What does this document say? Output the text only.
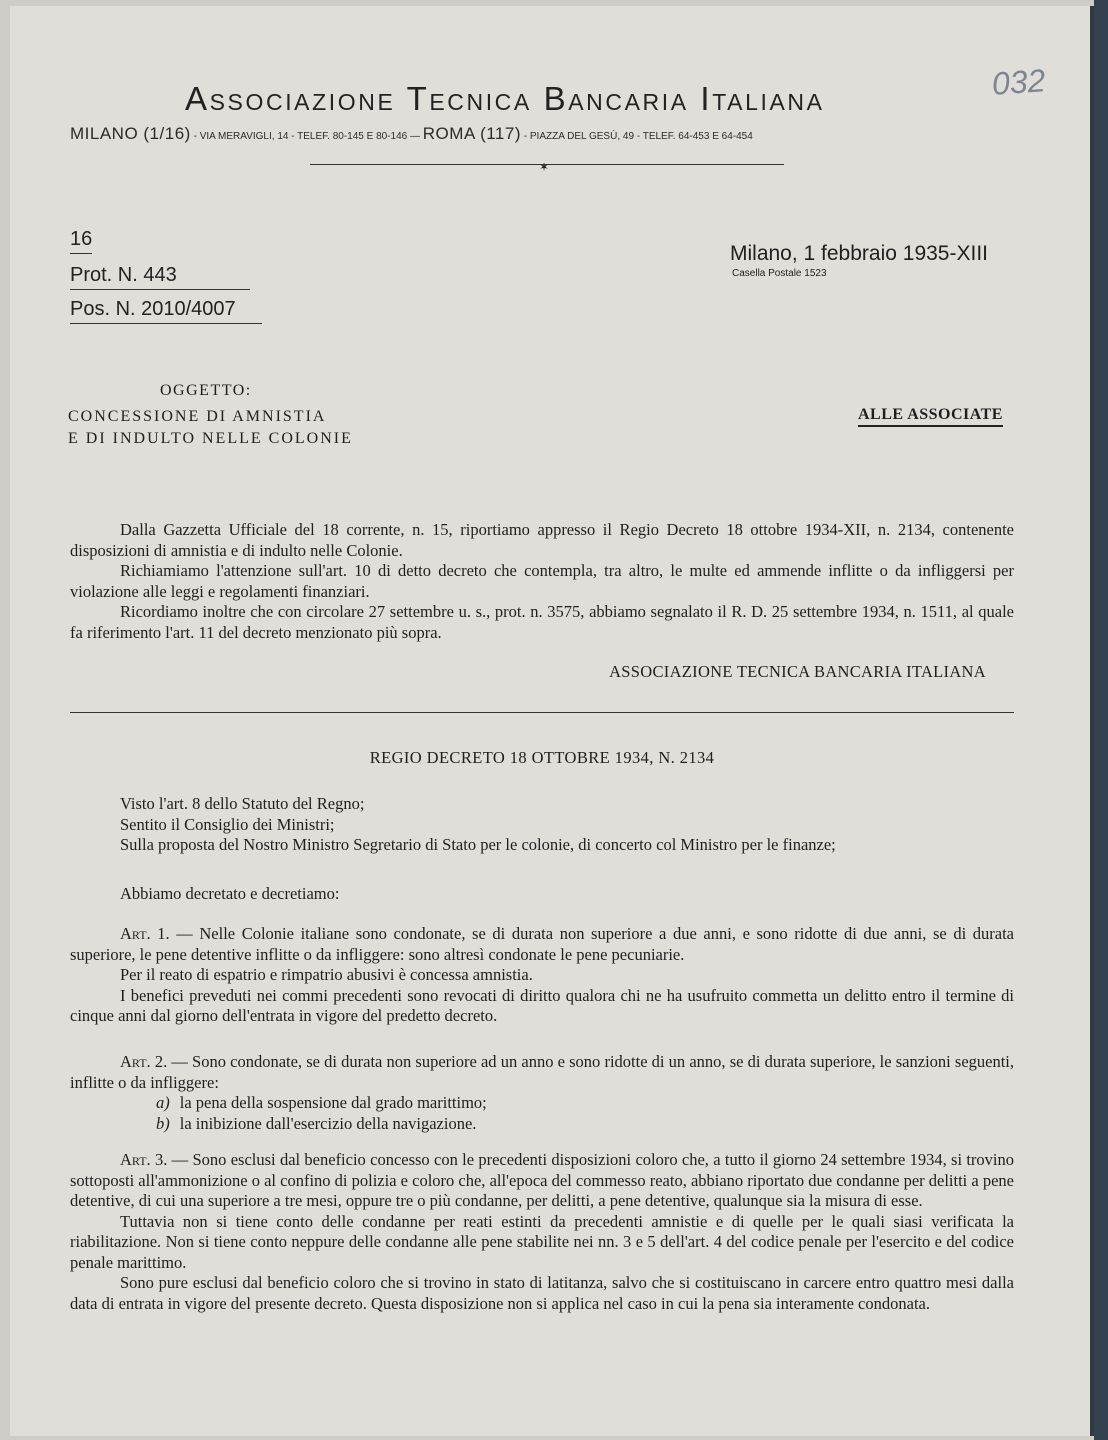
Associazione Tecnica Bancaria Italiana	032
MILANO (1/16) - VIA MERAVIGLI, 14 - TELEF. 80-145 E 80-146 — ROMA (117) - PIAZZA DEL GESÙ, 49 - TELEF. 64-453 E 64-454
✶
16
Prot. N. 443
Pos. N. 2010/4007
Milano, 1 febbraio 1935-XIII
Casella Postale 1523
OGGETTO:
CONCESSIONE DI AMNISTIA
E DI INDULTO NELLE COLONIE
ALLE ASSOCIATE

Dalla Gazzetta Ufficiale del 18 corrente, n. 15, riportiamo appresso il Regio Decreto 18 ottobre 1934-XII, n. 2134, contenente disposizioni di amnistia e di indulto nelle Colonie.

Richiamiamo l'attenzione sull'art. 10 di detto decreto che contempla, tra altro, le multe ed ammende inflitte o da infliggersi per violazione alle leggi e regolamenti finanziari.

Ricordiamo inoltre che con circolare 27 settembre u. s., prot. n. 3575, abbiamo segnalato il R. D. 25 settembre 1934, n. 1511, al quale fa riferimento l'art. 11 del decreto menzionato più sopra.

ASSOCIAZIONE TECNICA BANCARIA ITALIANA
REGIO DECRETO 18 OTTOBRE 1934, N. 2134

Visto l'art. 8 dello Statuto del Regno;

Sentito il Consiglio dei Ministri;

Sulla proposta del Nostro Ministro Segretario di Stato per le colonie, di concerto col Ministro per le finanze;

Abbiamo decretato e decretiamo:

Art. 1. — Nelle Colonie italiane sono condonate, se di durata non superiore a due anni, e sono ridotte di due anni, se di durata superiore, le pene detentive inflitte o da infliggere: sono altresì condonate le pene pecuniarie.

Per il reato di espatrio e rimpatrio abusivi è concessa amnistia.

I benefici preveduti nei commi precedenti sono revocati di diritto qualora chi ne ha usufruito commetta un delitto entro il termine di cinque anni dal giorno dell'entrata in vigore del predetto decreto.

Art. 2. — Sono condonate, se di durata non superiore ad un anno e sono ridotte di un anno, se di durata superiore, le sanzioni seguenti, inflitte o da infliggere:

a) la pena della sospensione dal grado marittimo;

b) la inibizione dall'esercizio della navigazione.

Art. 3. — Sono esclusi dal beneficio concesso con le precedenti disposizioni coloro che, a tutto il giorno 24 settembre 1934, si trovino sottoposti all'ammonizione o al confino di polizia e coloro che, all'epoca del commesso reato, abbiano riportato due condanne per delitti a pene detentive, di cui una superiore a tre mesi, oppure tre o più condanne, per delitti, a pene detentive, qualunque sia la misura di esse.

Tuttavia non si tiene conto delle condanne per reati estinti da precedenti amnistie e di quelle per le quali siasi verificata la riabilitazione. Non si tiene conto neppure delle condanne alle pene stabilite nei nn. 3 e 5 dell'art. 4 del codice penale per l'esercito e del codice penale marittimo.

Sono pure esclusi dal beneficio coloro che si trovino in stato di latitanza, salvo che si costituiscano in carcere entro quattro mesi dalla data di entrata in vigore del presente decreto. Questa disposizione non si applica nel caso in cui la pena sia interamente condonata.
